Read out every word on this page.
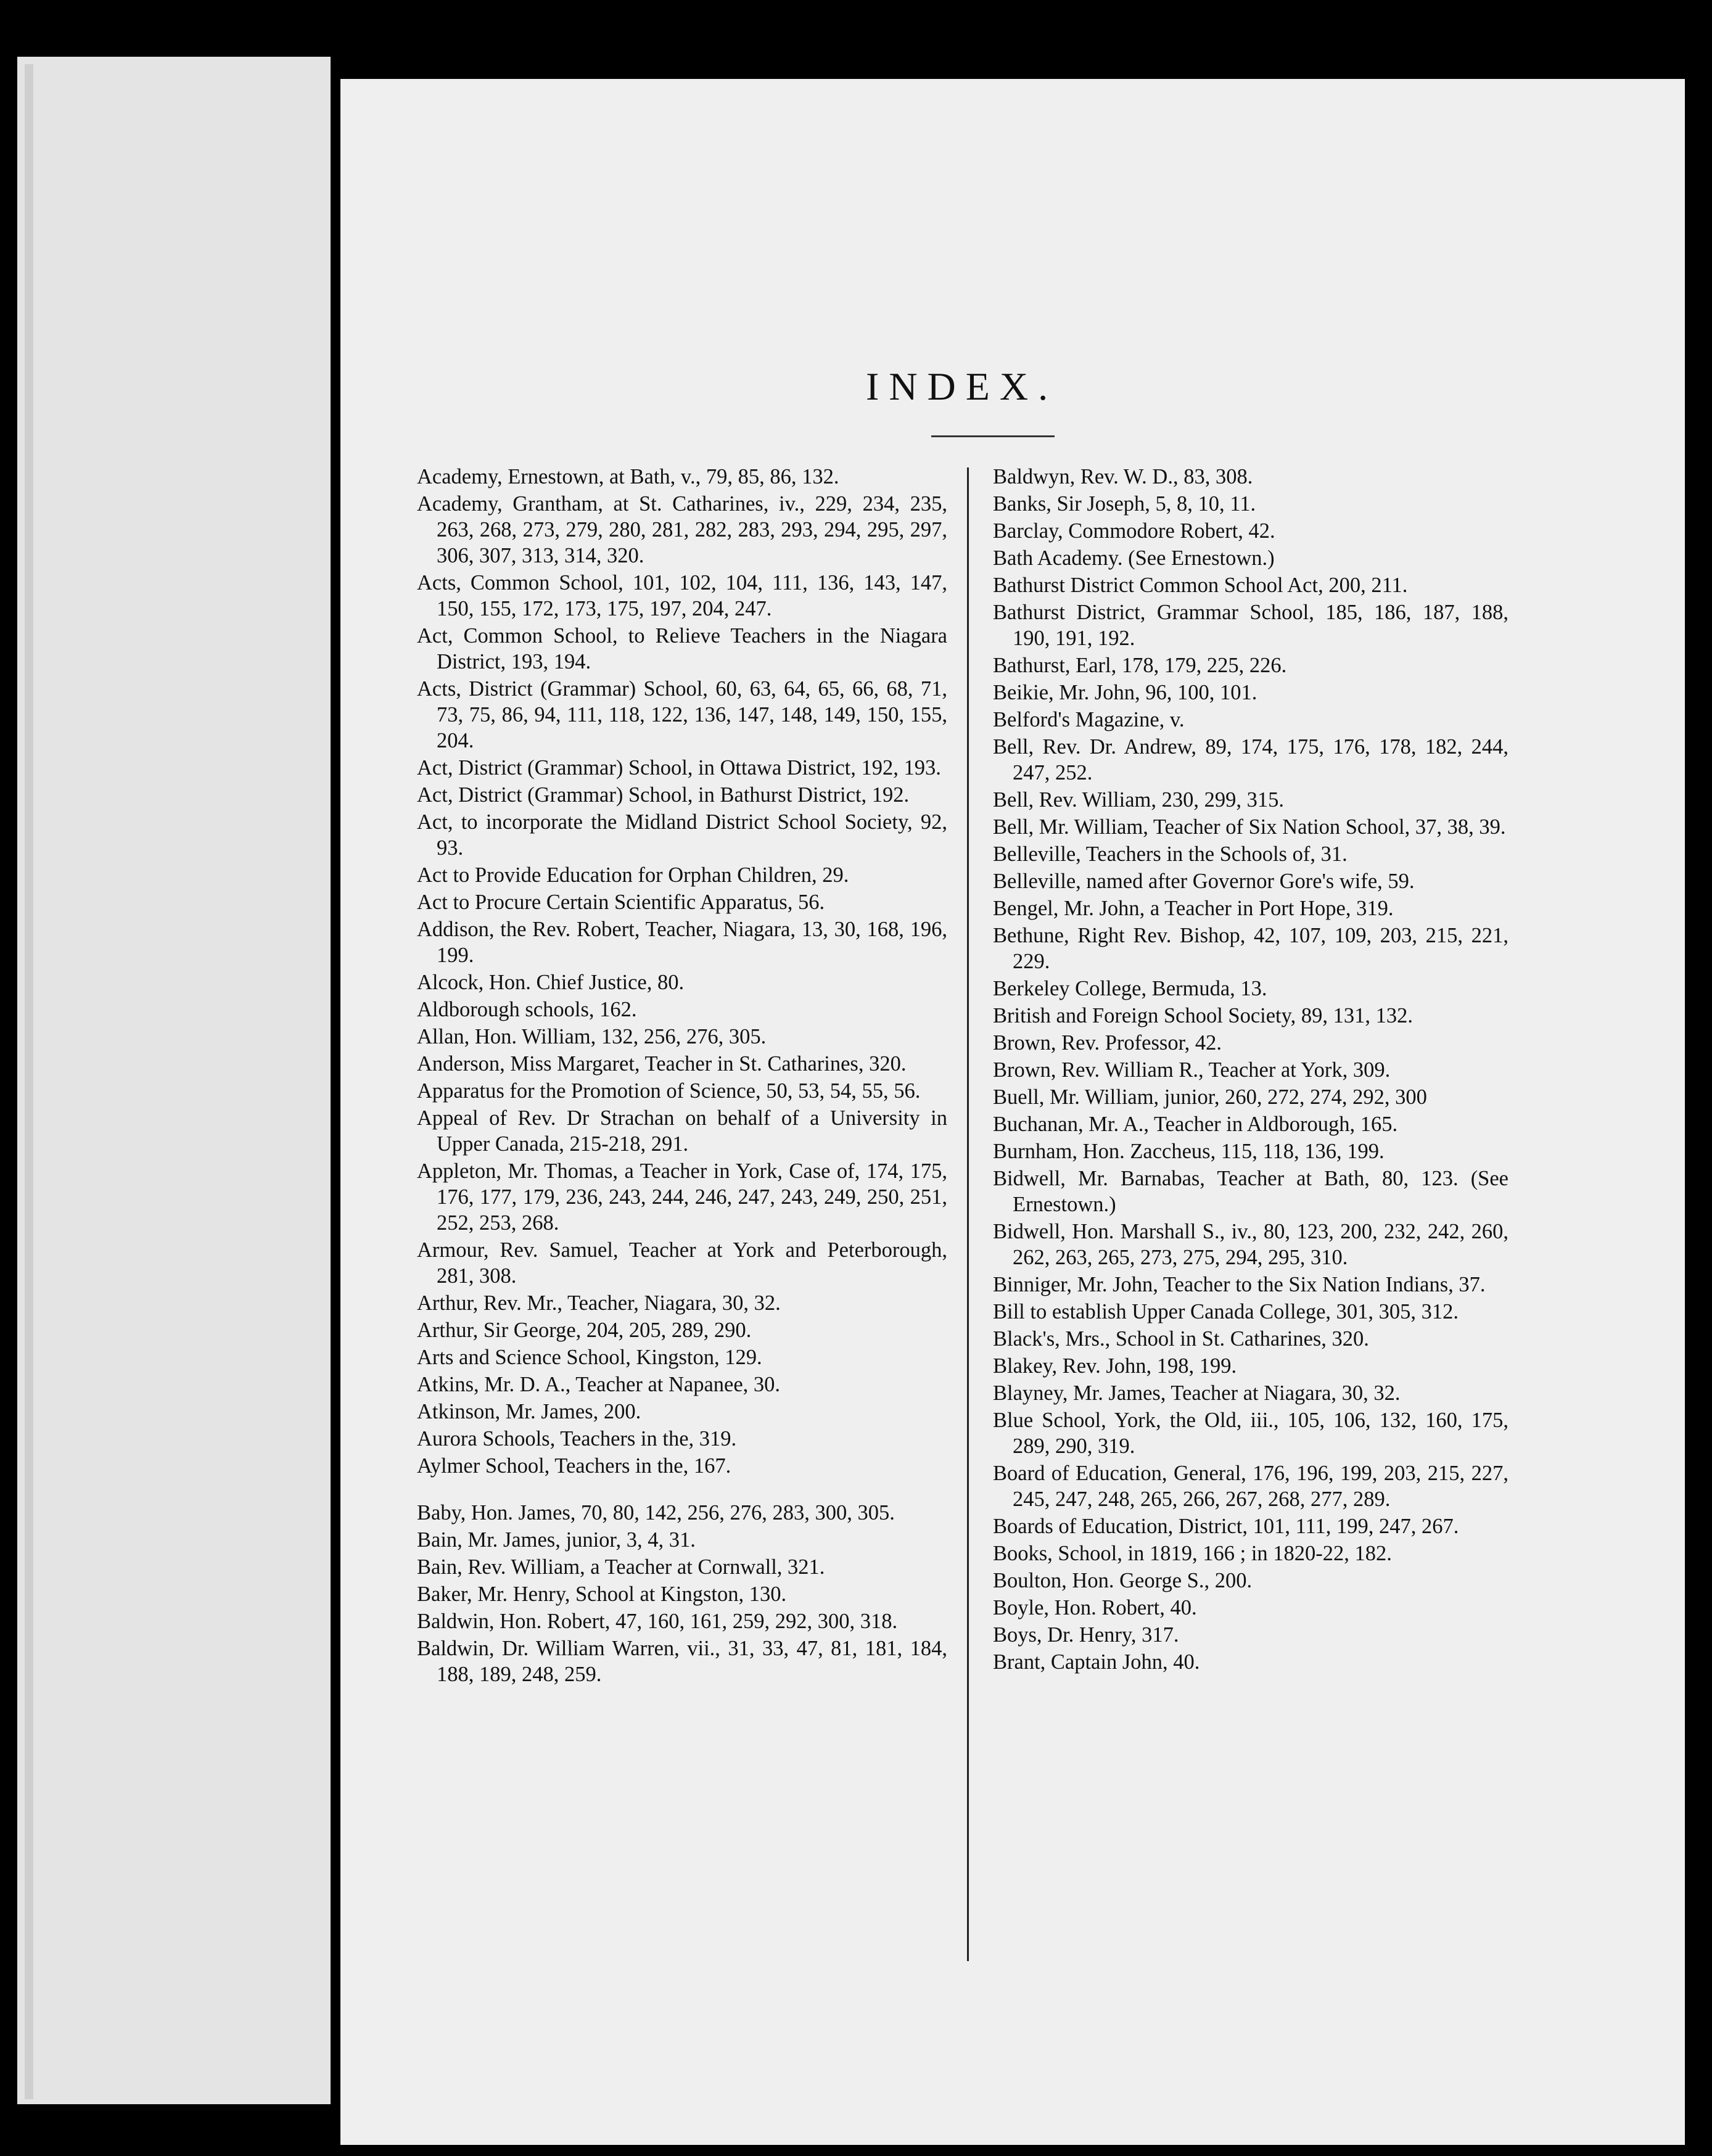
INDEX.

Academy, Ernestown, at Bath, v., 79, 85, 86, 132.

Academy, Grantham, at St. Catharines, iv., 229, 234, 235, 263, 268, 273, 279, 280, 281, 282, 283, 293, 294, 295, 297, 306, 307, 313, 314, 320.

Acts, Common School, 101, 102, 104, 111, 136, 143, 147, 150, 155, 172, 173, 175, 197, 204, 247.

Act, Common School, to Relieve Teachers in the Niagara District, 193, 194.

Acts, District (Grammar) School, 60, 63, 64, 65, 66, 68, 71, 73, 75, 86, 94, 111, 118, 122, 136, 147, 148, 149, 150, 155, 204.

Act, District (Grammar) School, in Ottawa District, 192, 193.

Act, District (Grammar) School, in Bathurst District, 192.

Act, to incorporate the Midland District School Society, 92, 93.

Act to Provide Education for Orphan Children, 29.

Act to Procure Certain Scientific Apparatus, 56.

Addison, the Rev. Robert, Teacher, Niagara, 13, 30, 168, 196, 199.

Alcock, Hon. Chief Justice, 80.

Aldborough schools, 162.

Allan, Hon. William, 132, 256, 276, 305.

Anderson, Miss Margaret, Teacher in St. Catharines, 320.

Apparatus for the Promotion of Science, 50, 53, 54, 55, 56.

Appeal of Rev. Dr Strachan on behalf of a University in Upper Canada, 215-218, 291.

Appleton, Mr. Thomas, a Teacher in York, Case of, 174, 175, 176, 177, 179, 236, 243, 244, 246, 247, 243, 249, 250, 251, 252, 253, 268.

Armour, Rev. Samuel, Teacher at York and Peterborough, 281, 308.

Arthur, Rev. Mr., Teacher, Niagara, 30, 32.

Arthur, Sir George, 204, 205, 289, 290.

Arts and Science School, Kingston, 129.

Atkins, Mr. D. A., Teacher at Napanee, 30.

Atkinson, Mr. James, 200.

Aurora Schools, Teachers in the, 319.

Aylmer School, Teachers in the, 167.

Baby, Hon. James, 70, 80, 142, 256, 276, 283, 300, 305.

Bain, Mr. James, junior, 3, 4, 31.

Bain, Rev. William, a Teacher at Cornwall, 321.

Baker, Mr. Henry, School at Kingston, 130.

Baldwin, Hon. Robert, 47, 160, 161, 259, 292, 300, 318.

Baldwin, Dr. William Warren, vii., 31, 33, 47, 81, 181, 184, 188, 189, 248, 259.

Baldwyn, Rev. W. D., 83, 308.

Banks, Sir Joseph, 5, 8, 10, 11.

Barclay, Commodore Robert, 42.

Bath Academy. (See Ernestown.)

Bathurst District Common School Act, 200, 211.

Bathurst District, Grammar School, 185, 186, 187, 188, 190, 191, 192.

Bathurst, Earl, 178, 179, 225, 226.

Beikie, Mr. John, 96, 100, 101.

Belford's Magazine, v.

Bell, Rev. Dr. Andrew, 89, 174, 175, 176, 178, 182, 244, 247, 252.

Bell, Rev. William, 230, 299, 315.

Bell, Mr. William, Teacher of Six Nation School, 37, 38, 39.

Belleville, Teachers in the Schools of, 31.

Belleville, named after Governor Gore's wife, 59.

Bengel, Mr. John, a Teacher in Port Hope, 319.

Bethune, Right Rev. Bishop, 42, 107, 109, 203, 215, 221, 229.

Berkeley College, Bermuda, 13.

British and Foreign School Society, 89, 131, 132.

Brown, Rev. Professor, 42.

Brown, Rev. William R., Teacher at York, 309.

Buell, Mr. William, junior, 260, 272, 274, 292, 300

Buchanan, Mr. A., Teacher in Aldborough, 165.

Burnham, Hon. Zaccheus, 115, 118, 136, 199.

Bidwell, Mr. Barnabas, Teacher at Bath, 80, 123. (See Ernestown.)

Bidwell, Hon. Marshall S., iv., 80, 123, 200, 232, 242, 260, 262, 263, 265, 273, 275, 294, 295, 310.

Binniger, Mr. John, Teacher to the Six Nation Indians, 37.

Bill to establish Upper Canada College, 301, 305, 312.

Black's, Mrs., School in St. Catharines, 320.

Blakey, Rev. John, 198, 199.

Blayney, Mr. James, Teacher at Niagara, 30, 32.

Blue School, York, the Old, iii., 105, 106, 132, 160, 175, 289, 290, 319.

Board of Education, General, 176, 196, 199, 203, 215, 227, 245, 247, 248, 265, 266, 267, 268, 277, 289.

Boards of Education, District, 101, 111, 199, 247, 267.

Books, School, in 1819, 166 ; in 1820-22, 182.

Boulton, Hon. George S., 200.

Boyle, Hon. Robert, 40.

Boys, Dr. Henry, 317.

Brant, Captain John, 40.
